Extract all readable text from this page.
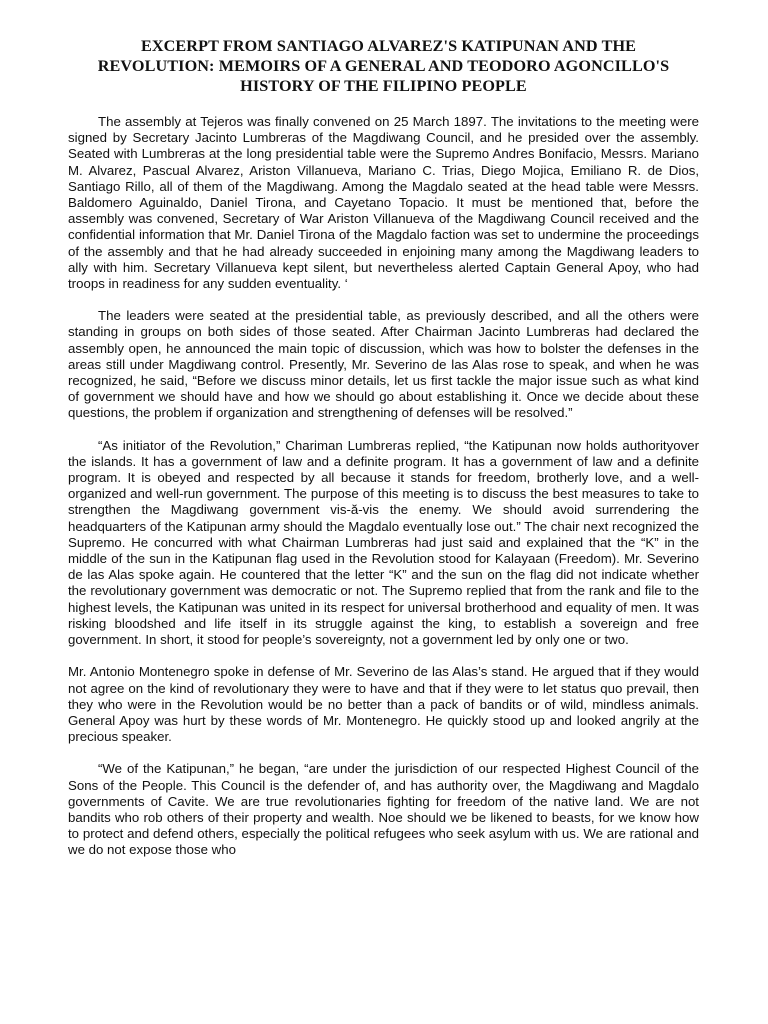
EXCERPT FROM SANTIAGO ALVAREZ'S KATIPUNAN AND THE
REVOLUTION: MEMOIRS OF A GENERAL AND TEODORO AGONCILLO'S
HISTORY OF THE FILIPINO PEOPLE

The assembly at Tejeros was finally convened on 25 March 1897. The invitations to the meeting were signed by Secretary Jacinto Lumbreras of the Magdiwang Council, and he presided over the assembly. Seated with Lumbreras at the long presidential table were the Supremo Andres Bonifacio, Messrs. Mariano M. Alvarez, Pascual Alvarez, Ariston Villanueva, Mariano C. Trias, Diego Mojica, Emiliano R. de Dios, Santiago Rillo, all of them of the Magdiwang. Among the Magdalo seated at the head table were Messrs. Baldomero Aguinaldo, Daniel Tirona, and Cayetano Topacio. It must be mentioned that, before the assembly was convened, Secretary of War Ariston Villanueva of the Magdiwang Council received and the confidential information that Mr. Daniel Tirona of the Magdalo faction was set to undermine the proceedings of the assembly and that he had already succeeded in enjoining many among the Magdiwang leaders to ally with him. Secretary Villanueva kept silent, but nevertheless alerted Captain General Apoy, who had troops in readiness for any sudden eventuality. ‘

The leaders were seated at the presidential table, as previously described, and all the others were standing in groups on both sides of those seated. After Chairman Jacinto Lumbreras had declared the assembly open, he announced the main topic of discussion, which was how to bolster the defenses in the areas still under Magdiwang control. Presently, Mr. Severino de las Alas rose to speak, and when he was recognized, he said, “Before we discuss minor details, let us first tackle the major issue such as what kind of government we should have and how we should go about establishing it. Once we decide about these questions, the problem if organization and strengthening of defenses will be resolved.”

“As initiator of the Revolution,” Chariman Lumbreras replied, “the Katipunan now holds authorityover the islands. It has a government of law and a definite program. It has a government of law and a definite program. It is obeyed and respected by all because it stands for freedom, brotherly love, and a well-organized and well-run government. The purpose of this meeting is to discuss the best measures to take to strengthen the Magdiwang government vis-ă-vis the enemy. We should avoid surrendering the headquarters of the Katipunan army should the Magdalo eventually lose out.” The chair next recognized the Supremo. He concurred with what Chairman Lumbreras had just said and explained that the “K” in the middle of the sun in the Katipunan flag used in the Revolution stood for Kalayaan (Freedom). Mr. Severino de las Alas spoke again. He countered that the letter “K” and the sun on the flag did not indicate whether the revolutionary government was democratic or not. The Supremo replied that from the rank and file to the highest levels, the Katipunan was united in its respect for universal brotherhood and equality of men. It was risking bloodshed and life itself in its struggle against the king, to establish a sovereign and free government. In short, it stood for people’s sovereignty, not a government led by only one or two.

Mr. Antonio Montenegro spoke in defense of Mr. Severino de las Alas’s stand. He argued that if they would not agree on the kind of revolutionary they were to have and that if they were to let status quo prevail, then they who were in the Revolution would be no better than a pack of bandits or of wild, mindless animals. General Apoy was hurt by these words of Mr. Montenegro. He quickly stood up and looked angrily at the precious speaker.

“We of the Katipunan,” he began, “are under the jurisdiction of our respected Highest Council of the Sons of the People. This Council is the defender of, and has authority over, the Magdiwang and Magdalo governments of Cavite. We are true revolutionaries fighting for freedom of the native land. We are not bandits who rob others of their property and wealth. Noe should we be likened to beasts, for we know how to protect and defend others, especially the political refugees who seek asylum with us. We are rational and we do not expose those who
